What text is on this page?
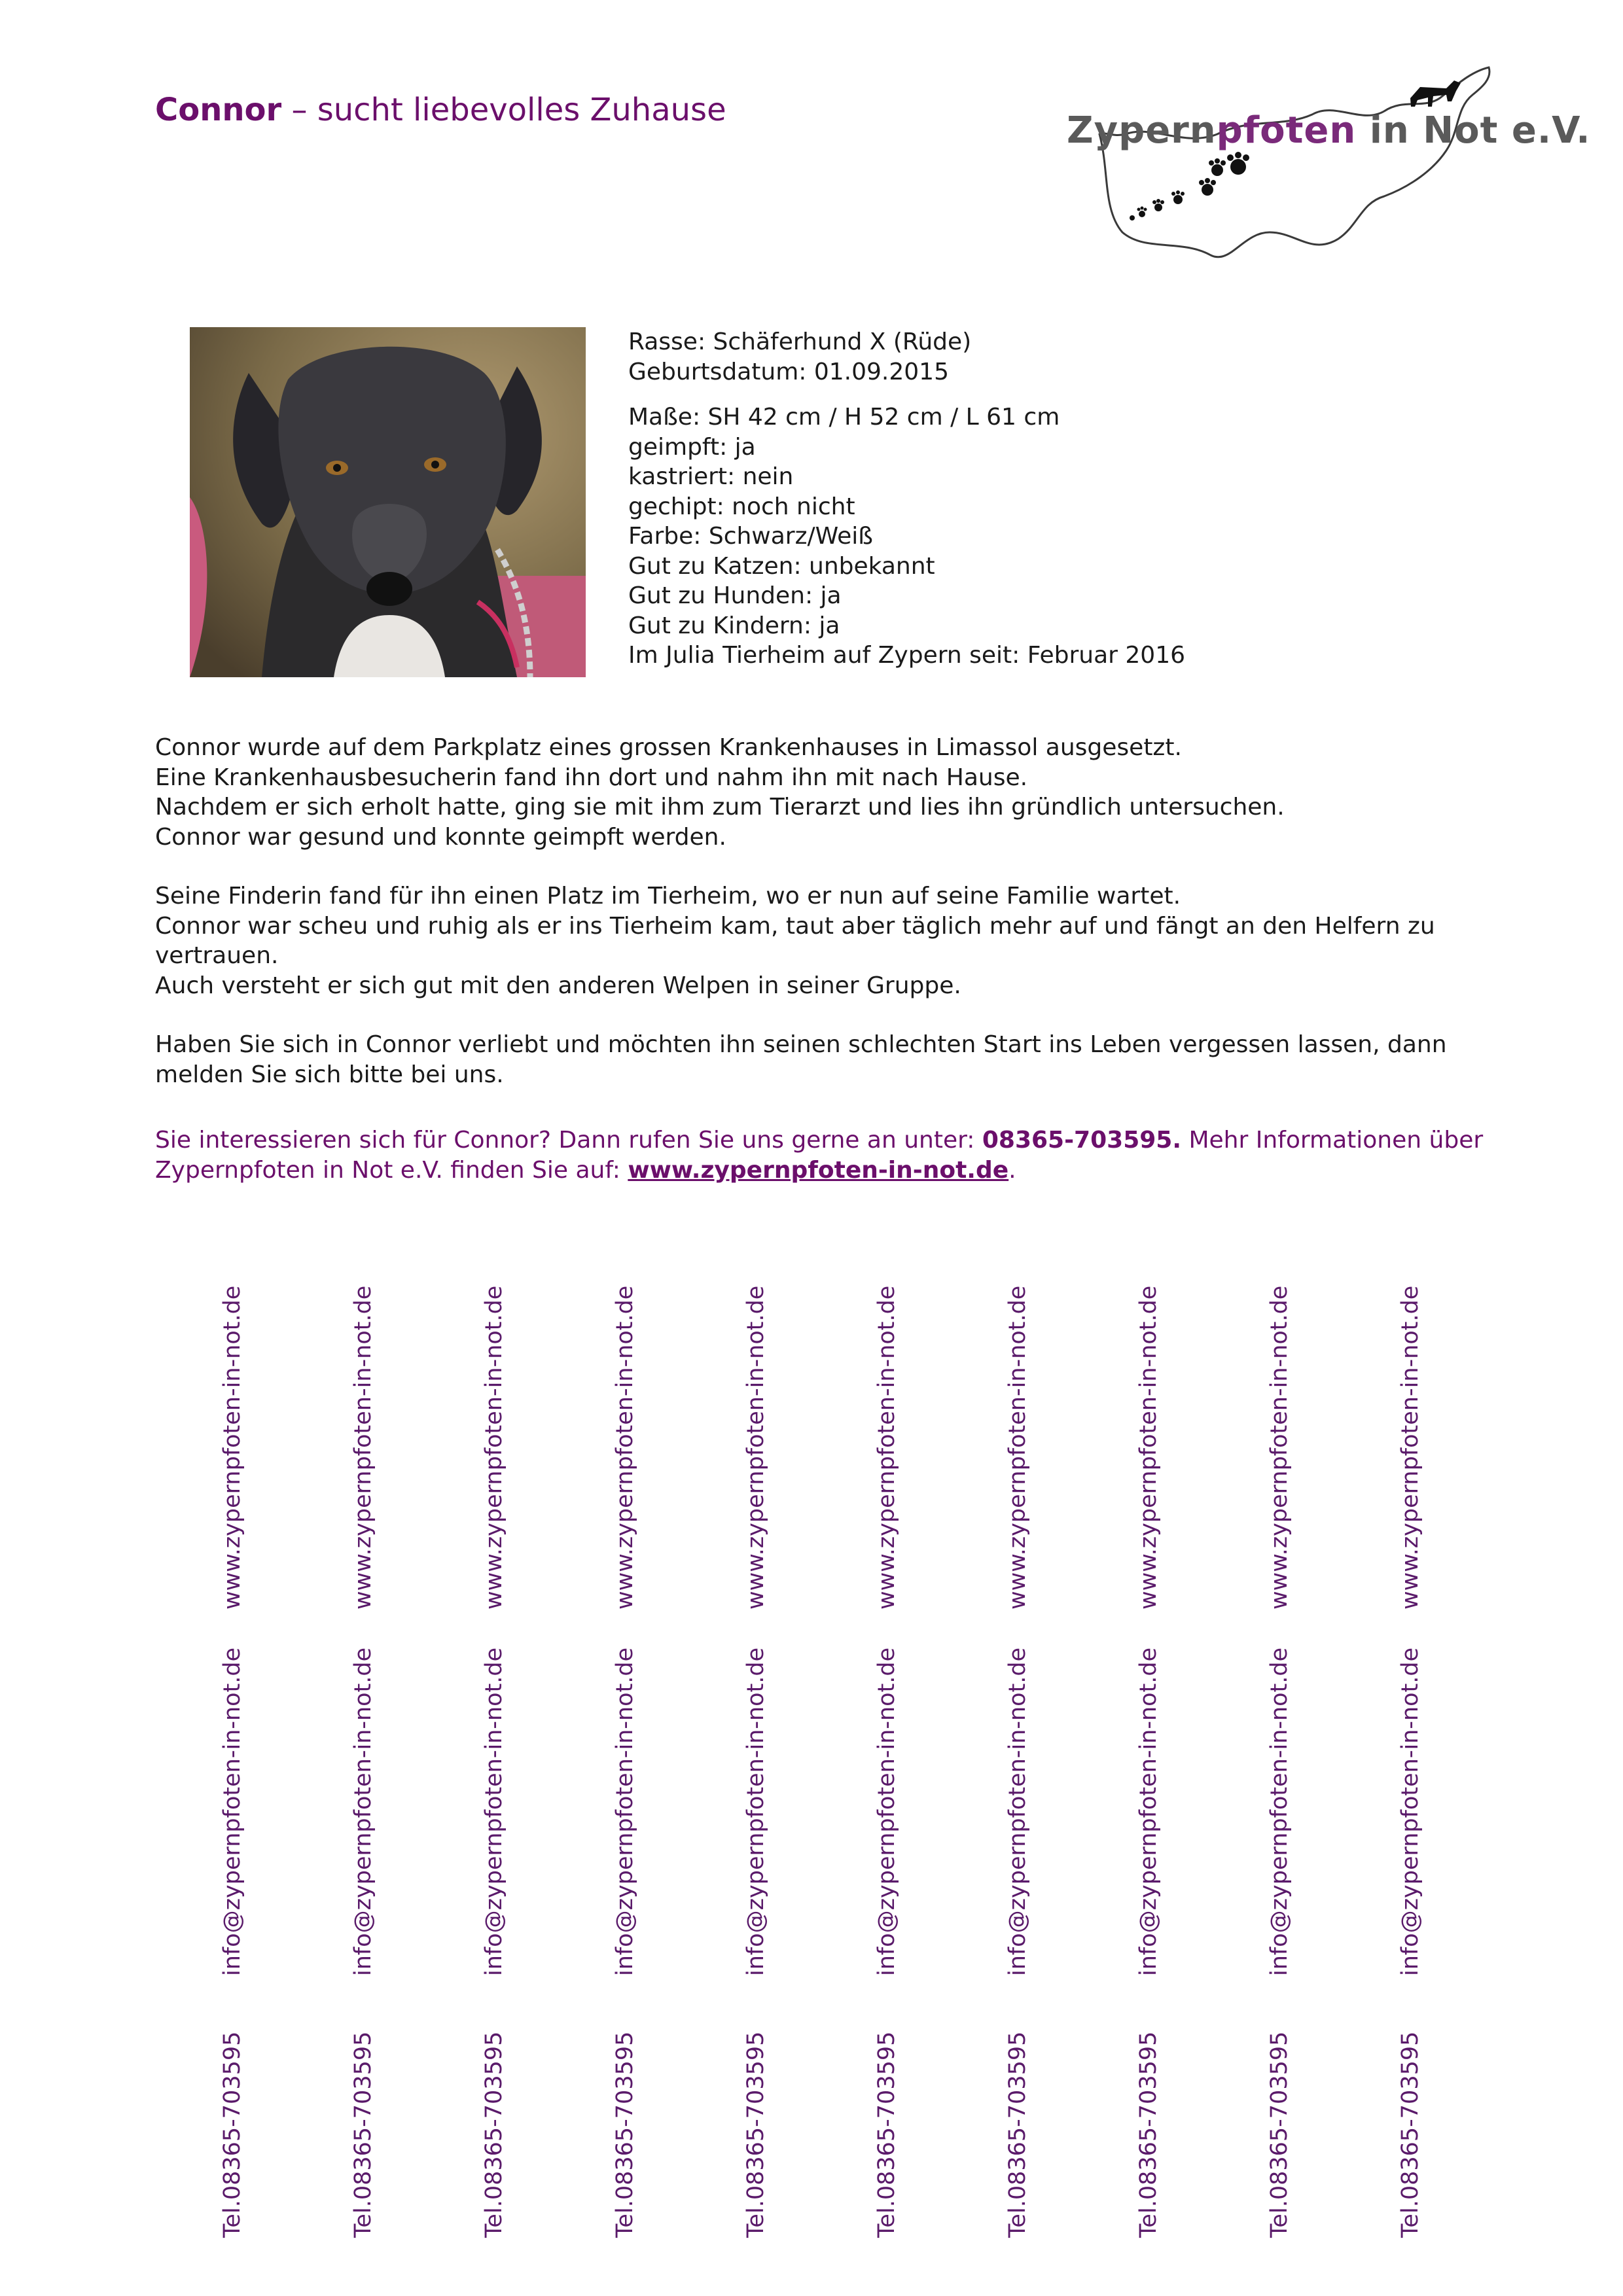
Connor – sucht liebevolles Zuhause	Zypernpfoten in Not e.V.
Rasse: Schäferhund X (Rüde)
Geburtsdatum: 01.09.2015
Maße: SH 42 cm / H 52 cm / L 61 cm
geimpft: ja
kastriert: nein
gechipt: noch nicht
Farbe: Schwarz/Weiß
Gut zu Katzen: unbekannt
Gut zu Hunden: ja
Gut zu Kindern: ja
Im Julia Tierheim auf Zypern seit: Februar 2016

Connor wurde auf dem Parkplatz eines grossen Krankenhauses in Limassol ausgesetzt.
Eine Krankenhausbesucherin fand ihn dort und nahm ihn mit nach Hause.
Nachdem er sich erholt hatte, ging sie mit ihm zum Tierarzt und lies ihn gründlich untersuchen.
Connor war gesund und konnte geimpft werden.

Seine Finderin fand für ihn einen Platz im Tierheim, wo er nun auf seine Familie wartet.
Connor war scheu und ruhig als er ins Tierheim kam, taut aber täglich mehr auf und fängt an den Helfern zu vertrauen.
Auch versteht er sich gut mit den anderen Welpen in seiner Gruppe.

Haben Sie sich in Connor verliebt und möchten ihn seinen schlechten Start ins Leben vergessen lassen, dann melden Sie sich bitte bei uns.

Sie interessieren sich für Connor? Dann rufen Sie uns gerne an unter: 08365-703595. Mehr Informationen über Zypernpfoten in Not e.V. finden Sie auf: www.zypernpfoten-in-not.de.
www.zypernpfoten-in-not.de
info@zypernpfoten-in-not.de
Tel.08365-703595
www.zypernpfoten-in-not.de
info@zypernpfoten-in-not.de
Tel.08365-703595
www.zypernpfoten-in-not.de
info@zypernpfoten-in-not.de
Tel.08365-703595
www.zypernpfoten-in-not.de
info@zypernpfoten-in-not.de
Tel.08365-703595
www.zypernpfoten-in-not.de
info@zypernpfoten-in-not.de
Tel.08365-703595
www.zypernpfoten-in-not.de
info@zypernpfoten-in-not.de
Tel.08365-703595
www.zypernpfoten-in-not.de
info@zypernpfoten-in-not.de
Tel.08365-703595
www.zypernpfoten-in-not.de
info@zypernpfoten-in-not.de
Tel.08365-703595
www.zypernpfoten-in-not.de
info@zypernpfoten-in-not.de
Tel.08365-703595
www.zypernpfoten-in-not.de
info@zypernpfoten-in-not.de
Tel.08365-703595
